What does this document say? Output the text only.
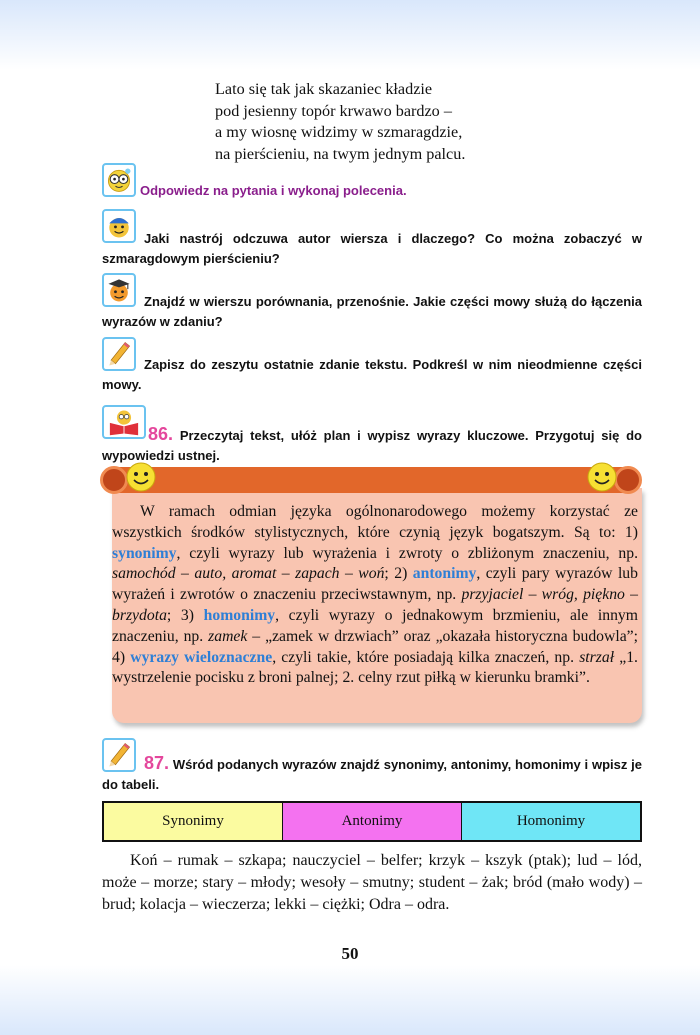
Lato się tak jak skazaniec kładzie
pod jesienny topór krwawo bardzo –
a my wiosnę widzimy w szmaragdzie,
na pierścieniu, na twym jednym palcu.
Odpowiedz na pytania i wykonaj polecenia.
Jaki nastrój odczuwa autor wiersza i dlaczego? Co można zobaczyć w szmaragdowym pierścieniu?
Znajdź w wierszu porównania, przenośnie. Jakie części mowy służą do łączenia wyrazów w zdaniu?
Zapisz do zeszytu ostatnie zdanie tekstu. Podkreśl w nim nieodmienne części mowy.
86. Przeczytaj tekst, ułóż plan i wypisz wyrazy kluczowe. Przygotuj się do wypowiedzi ustnej.
W ramach odmian języka ogólnonarodowego możemy korzystać ze wszystkich środków stylistycznych, które czynią język bogatszym. Są to: 1) synonimy, czyli wyrazy lub wyrażenia i zwroty o zbliżonym znaczeniu, np. samochód – auto, aromat – zapach – woń; 2) antonimy, czyli pary wyrazów lub wyrażeń i zwrotów o znaczeniu przeciwstawnym, np. przyjaciel – wróg, piękno – brzydota; 3) homonimy, czyli wyrazy o jednakowym brzmieniu, ale innym znaczeniu, np. zamek – „zamek w drzwiach” oraz „okazała historyczna budowla”; 4) wyrazy wieloznaczne, czyli takie, które posiadają kilka znaczeń, np. strzał „1. wystrzelenie pocisku z broni palnej; 2. celny rzut piłką w kierunku bramki”.
87. Wśród podanych wyrazów znajdź synonimy, antonimy, homonimy i wpisz je do tabeli.
Synonimy	Antonimy	Homonimy
Koń – rumak – szkapa; nauczyciel – belfer; krzyk – kszyk (ptak); lud – lód, może – morze; stary – młody; wesoły – smutny; student – żak; bród (mało wody) – brud; kolacja – wieczerza; lekki – ciężki; Odra – odra.
50
